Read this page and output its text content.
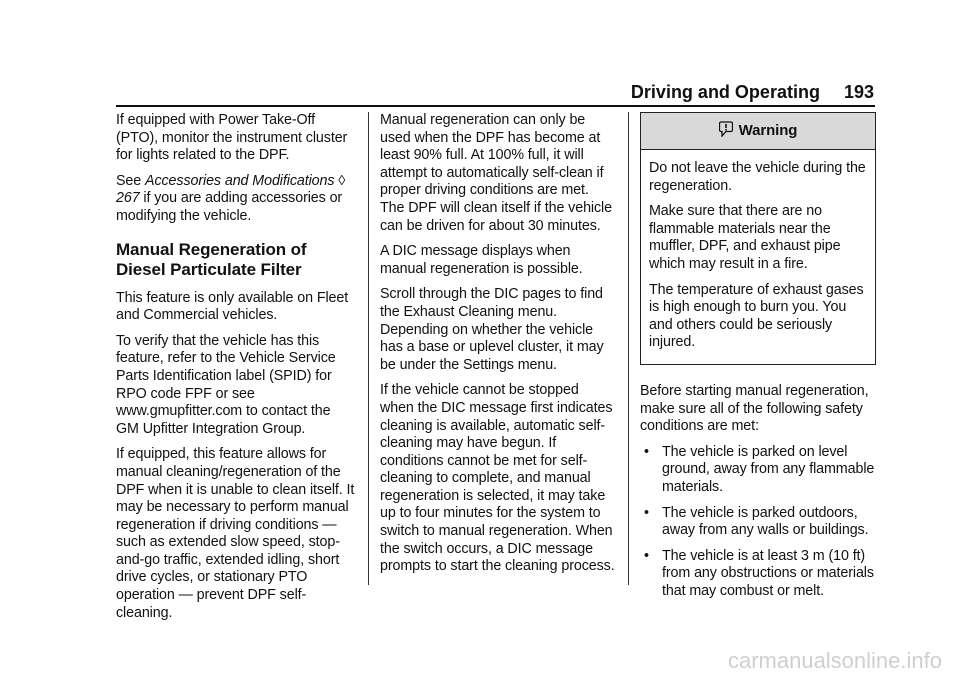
Driving and Operating 193

If equipped with Power Take-Off (PTO), monitor the instrument cluster for lights related to the DPF.

See Accessories and Modifications ◊ 267 if you are adding accessories or modifying the vehicle.

Manual Regeneration of Diesel Particulate Filter

This feature is only available on Fleet and Commercial vehicles.

To verify that the vehicle has this feature, refer to the Vehicle Service Parts Identification label (SPID) for RPO code FPF or see www.gmupfitter.com to contact the GM Upfitter Integration Group.

If equipped, this feature allows for manual cleaning/regeneration of the DPF when it is unable to clean itself. It may be necessary to perform manual regeneration if driving conditions — such as extended slow speed, stop-and-go traffic, extended idling, short drive cycles, or stationary PTO operation — prevent DPF self-cleaning.

Manual regeneration can only be used when the DPF has become at least 90% full. At 100% full, it will attempt to automatically self-clean if proper driving conditions are met. The DPF will clean itself if the vehicle can be driven for about 30 minutes.

A DIC message displays when manual regeneration is possible.

Scroll through the DIC pages to find the Exhaust Cleaning menu. Depending on whether the vehicle has a base or uplevel cluster, it may be under the Settings menu.

If the vehicle cannot be stopped when the DIC message first indicates cleaning is available, automatic self-cleaning may have begun. If conditions cannot be met for self-cleaning to complete, and manual regeneration is selected, it may take up to four minutes for the system to switch to manual regeneration. When the switch occurs, a DIC message prompts to start the cleaning process.

Warning

Do not leave the vehicle during the regeneration.

Make sure that there are no flammable materials near the muffler, DPF, and exhaust pipe which may result in a fire.

The temperature of exhaust gases is high enough to burn you. You and others could be seriously injured.

Before starting manual regeneration, make sure all of the following safety conditions are met:

• The vehicle is parked on level ground, away from any flammable materials.
• The vehicle is parked outdoors, away from any walls or buildings.
• The vehicle is at least 3 m (10 ft) from any obstructions or materials that may combust or melt.
carmanualsonline.info
